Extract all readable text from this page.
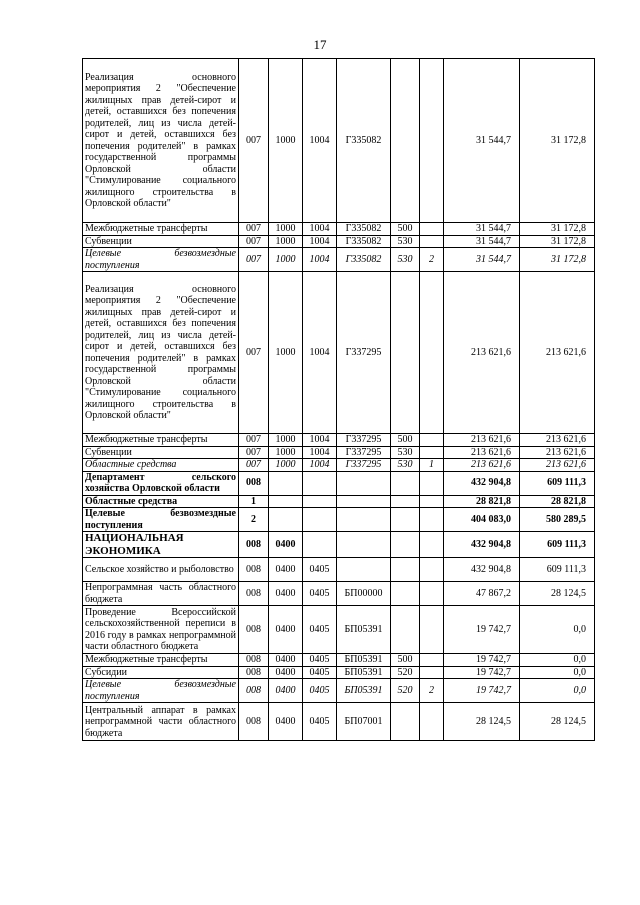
17
Реализация основного мероприятия 2 "Обеспечение жилищных прав детей-сирот и детей, оставшихся без попечения родителей, лиц из числа детей-сирот и детей, оставшихся без попечения родителей" в рамках государственной программы Орловской области "Стимулирование социального жилищного строительства в Орловской области"	007	1000	1004	Г335082			31 544,7	31 172,8
Межбюджетные трансферты	007	1000	1004	Г335082	500		31 544,7	31 172,8
Субвенции	007	1000	1004	Г335082	530		31 544,7	31 172,8
Целевые безвозмездные поступления	007	1000	1004	Г335082	530	2	31 544,7	31 172,8
Реализация основного мероприятия 2 "Обеспечение жилищных прав детей-сирот и детей, оставшихся без попечения родителей, лиц из числа детей-сирот и детей, оставшихся без попечения родителей" в рамках государственной программы Орловской области "Стимулирование социального жилищного строительства в Орловской области"	007	1000	1004	Г337295			213 621,6	213 621,6
Межбюджетные трансферты	007	1000	1004	Г337295	500		213 621,6	213 621,6
Субвенции	007	1000	1004	Г337295	530		213 621,6	213 621,6
Областные средства	007	1000	1004	Г337295	530	1	213 621,6	213 621,6
Департамент сельского хозяйства Орловской области	008						432 904,8	609 111,3
Областные средства	1						28 821,8	28 821,8
Целевые безвозмездные поступления	2						404 083,0	580 289,5
НАЦИОНАЛЬНАЯ ЭКОНОМИКА	008	0400					432 904,8	609 111,3
Сельское хозяйство и рыболовство	008	0400	0405				432 904,8	609 111,3
Непрограммная часть областного бюджета	008	0400	0405	БП00000			47 867,2	28 124,5
Проведение Всероссийской сельскохозяйственной переписи в 2016 году в рамках непрограммной части областного бюджета	008	0400	0405	БП05391			19 742,7	0,0
Межбюджетные трансферты	008	0400	0405	БП05391	500		19 742,7	0,0
Субсидии	008	0400	0405	БП05391	520		19 742,7	0,0
Целевые безвозмездные поступления	008	0400	0405	БП05391	520	2	19 742,7	0,0
Центральный аппарат в рамках непрограммной части областного бюджета	008	0400	0405	БП07001			28 124,5	28 124,5
